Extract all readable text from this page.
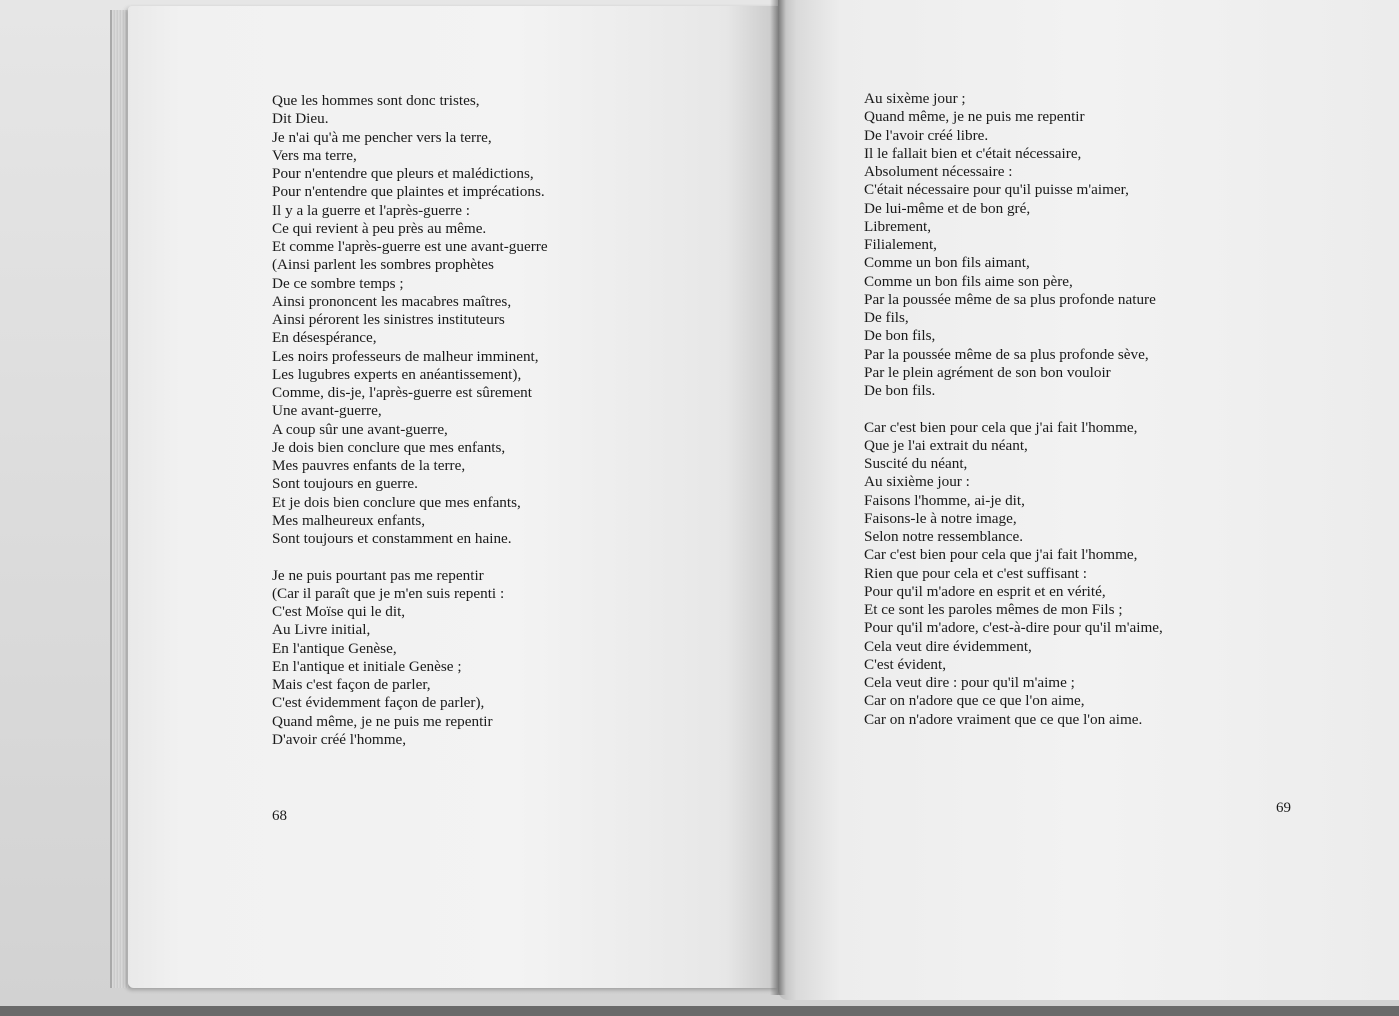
Que les hommes sont donc tristes,
Dit Dieu.
Je n'ai qu'à me pencher vers la terre,
Vers ma terre,
Pour n'entendre que pleurs et malédictions,
Pour n'entendre que plaintes et imprécations.
Il y a la guerre et l'après-guerre :
Ce qui revient à peu près au même.
Et comme l'après-guerre est une avant-guerre
(Ainsi parlent les sombres prophètes
De ce sombre temps ;
Ainsi prononcent les macabres maîtres,
Ainsi pérorent les sinistres instituteurs
En désespérance,
Les noirs professeurs de malheur imminent,
Les lugubres experts en anéantissement),
Comme, dis-je, l'après-guerre est sûrement
Une avant-guerre,
A coup sûr une avant-guerre,
Je dois bien conclure que mes enfants,
Mes pauvres enfants de la terre,
Sont toujours en guerre.
Et je dois bien conclure que mes enfants,
Mes malheureux enfants,
Sont toujours et constamment en haine.
Je ne puis pourtant pas me repentir
(Car il paraît que je m'en suis repenti :
C'est Moïse qui le dit,
Au Livre initial,
En l'antique Genèse,
En l'antique et initiale Genèse ;
Mais c'est façon de parler,
C'est évidemment façon de parler),
Quand même, je ne puis me repentir
D'avoir créé l'homme,
68
Au sixème jour ;
Quand même, je ne puis me repentir
De l'avoir créé libre.
Il le fallait bien et c'était nécessaire,
Absolument nécessaire :
C'était nécessaire pour qu'il puisse m'aimer,
De lui-même et de bon gré,
Librement,
Filialement,
Comme un bon fils aimant,
Comme un bon fils aime son père,
Par la poussée même de sa plus profonde nature
De fils,
De bon fils,
Par la poussée même de sa plus profonde sève,
Par le plein agrément de son bon vouloir
De bon fils.
Car c'est bien pour cela que j'ai fait l'homme,
Que je l'ai extrait du néant,
Suscité du néant,
Au sixième jour :
Faisons l'homme, ai-je dit,
Faisons-le à notre image,
Selon notre ressemblance.
Car c'est bien pour cela que j'ai fait l'homme,
Rien que pour cela et c'est suffisant :
Pour qu'il m'adore en esprit et en vérité,
Et ce sont les paroles mêmes de mon Fils ;
Pour qu'il m'adore, c'est-à-dire pour qu'il m'aime,
Cela veut dire évidemment,
C'est évident,
Cela veut dire : pour qu'il m'aime ;
Car on n'adore que ce que l'on aime,
Car on n'adore vraiment que ce que l'on aime.
69
